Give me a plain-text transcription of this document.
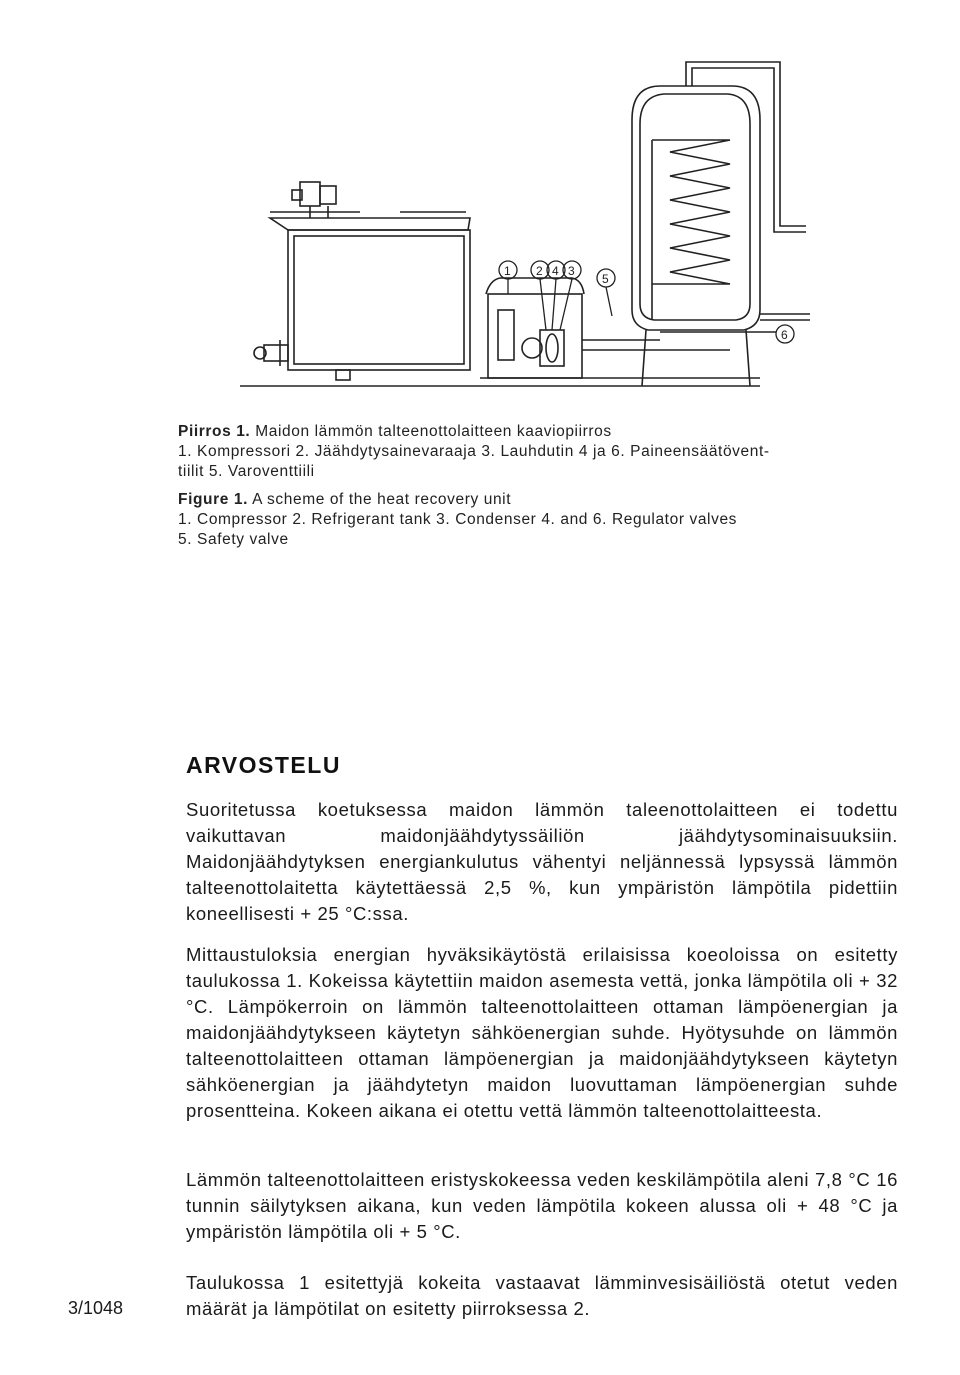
1 2 4 3
5
6
Piirros 1. Maidon lämmön talteenottolaitteen kaaviopiirros
1. Kompressori 2. Jäähdytysainevaraaja 3. Lauhdutin 4 ja 6. Paineensäätövent-
tiilit 5. Varoventtiili
Figure 1. A scheme of the heat recovery unit
1. Compressor 2. Refrigerant tank 3. Condenser 4. and 6. Regulator valves
5. Safety valve
ARVOSTELU

Suoritetussa koetuksessa maidon lämmön taleenottolaitteen ei todettu vaikuttavan maidonjäähdytyssäiliön jäähdytysominaisuuksiin. Maidonjäähdytyksen energiankulutus vähentyi neljännessä lypsyssä lämmön talteenottolaitetta käytettäessä 2,5 %, kun ympäristön lämpötila pidettiin koneellisesti + 25 °C:ssa.

Mittaustuloksia energian hyväksikäytöstä erilaisissa koeoloissa on esitetty taulukossa 1. Kokeissa käytettiin maidon asemesta vettä, jonka lämpötila oli + 32 °C. Lämpökerroin on lämmön talteenottolaitteen ottaman lämpöenergian ja maidonjäähdytykseen käytetyn sähköenergian suhde. Hyötysuhde on lämmön talteenottolaitteen ottaman lämpöenergian ja maidonjäähdytykseen käytetyn sähköenergian ja jäähdytetyn maidon luovuttaman lämpöenergian suhde prosentteina. Kokeen aikana ei otettu vettä lämmön talteenottolaitteesta.

Lämmön talteenottolaitteen eristyskokeessa veden keskilämpötila aleni 7,8 °C 16 tunnin säilytyksen aikana, kun veden lämpötila kokeen alussa oli + 48 °C ja ympäristön lämpötila oli + 5 °C.

Taulukossa 1 esitettyjä kokeita vastaavat lämminvesisäiliöstä otetut veden määrät ja lämpötilat on esitetty piirroksessa 2.

3/1048
